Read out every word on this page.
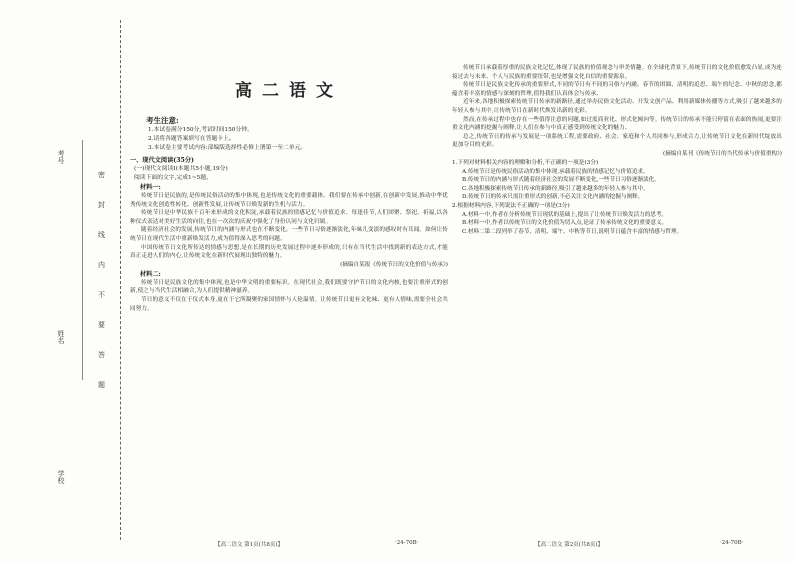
考号
姓名
学校
密
封
线
内
不
要
答
题
高二语文
考生注意:
1.本试卷满分150分,考试时间150分钟。
2.请将各题答案填写在答题卡上。
3.本试卷主要考试内容:部编版选择性必修上册第一至二单元。
一、现代文阅读(35分)
(一)现代文阅读Ⅰ(本题共5小题,19分)
阅读下面的文字,完成1~5题。
材料一:
传统节日是民族的,是传统民俗活动的集中体现,也是传统文化的重要载体。我们要在传承中创新,在创新中发展,推动中华优秀传统文化创造性转化、创新性发展,让传统节日焕发新的生机与活力。
传统节日是中华民族千百年来形成的文化积淀,承载着民族的情感记忆与价值追求。每逢佳节,人们团聚、祭祀、祈福,以各种仪式表达对美好生活的向往,也在一次次的庆祝中强化了身份认同与文化归属。
随着经济社会的发展,传统节日的内涵与形式也在不断变化。一些节日习俗逐渐淡化,年味儿变淡的感叹时有耳闻。如何让传统节日在现代生活中重新焕发活力,成为值得深入思考的问题。
中国传统节日文化所传达的情感与思想,是在长期的历史发展过程中逐步形成的,只有在当代生活中找到新的表达方式,才能真正走进人们的内心,让传统文化在新时代展现出独特的魅力。
(摘编自某报《传统节日的文化价值与传承》)
材料二:
传统节日是民族文化的集中体现,也是中华文明的重要标识。在现代社会,我们既要守护节日的文化内核,也要注重形式的创新,使之与当代生活相融合,为人们提供精神滋养。
节日的意义不仅在于仪式本身,更在于它所凝聚的家国情怀与人伦温情。让传统节日更有文化味、更有人情味,需要全社会共同努力。
传统节日承载着厚重的民族文化记忆,体现了民族的价值观念与审美情趣。在全球化背景下,传统节日的文化价值愈发凸显,成为连接过去与未来、个人与民族的重要纽带,也是增强文化自信的重要源泉。
传统节日是民族文化传承的重要形式,不同的节日有不同的习俗与内涵。春节的团圆、清明的追思、端午的纪念、中秋的思念,都蕴含着丰富的情感与深刻的哲理,值得我们认真体会与传承。
近年来,各地积极探索传统节日传承的新路径,通过举办民俗文化活动、开发文创产品、利用新媒体传播等方式,吸引了越来越多的年轻人参与其中,让传统节日在新时代焕发出新的光彩。
然而,在传承过程中也存在一些值得注意的问题,如过度商业化、形式化倾向等。传统节日的传承不能只停留在表面的热闹,更要注重文化内涵的挖掘与阐释,让人们在参与中真正感受到传统文化的魅力。
总之,传统节日的传承与发展是一项系统工程,需要政府、社会、家庭和个人共同参与,形成合力,让传统节日文化在新时代绽放出更加夺目的光彩。
(摘编自某刊《传统节日的当代传承与价值重构》)
1.下列对材料相关内容的理解和分析,不正确的一项是(3分)
A.传统节日是传统民俗活动的集中体现,承载着民族的情感记忆与价值追求。
B.传统节日的内涵与形式随着经济社会的发展不断变化,一些节日习俗逐渐淡化。
C.各地积极探索传统节日传承的新路径,吸引了越来越多的年轻人参与其中。
D.传统节日的传承只需注重形式的创新,不必关注文化内涵的挖掘与阐释。
2.根据材料内容,下列说法不正确的一项是(3分)
A.材料一中,作者在分析传统节日现状的基础上,提出了让传统节日焕发活力的思考。
B.材料一中,作者以传统节日的文化价值为切入点,论证了传承传统文化的重要意义。
C.材料二第二段列举了春节、清明、端午、中秋等节日,说明节日蕴含丰富的情感与哲理。
【高二语文 第1页(共8页)】	·24-70B·	【高二语文 第2页(共8页)】	·24-70B·
